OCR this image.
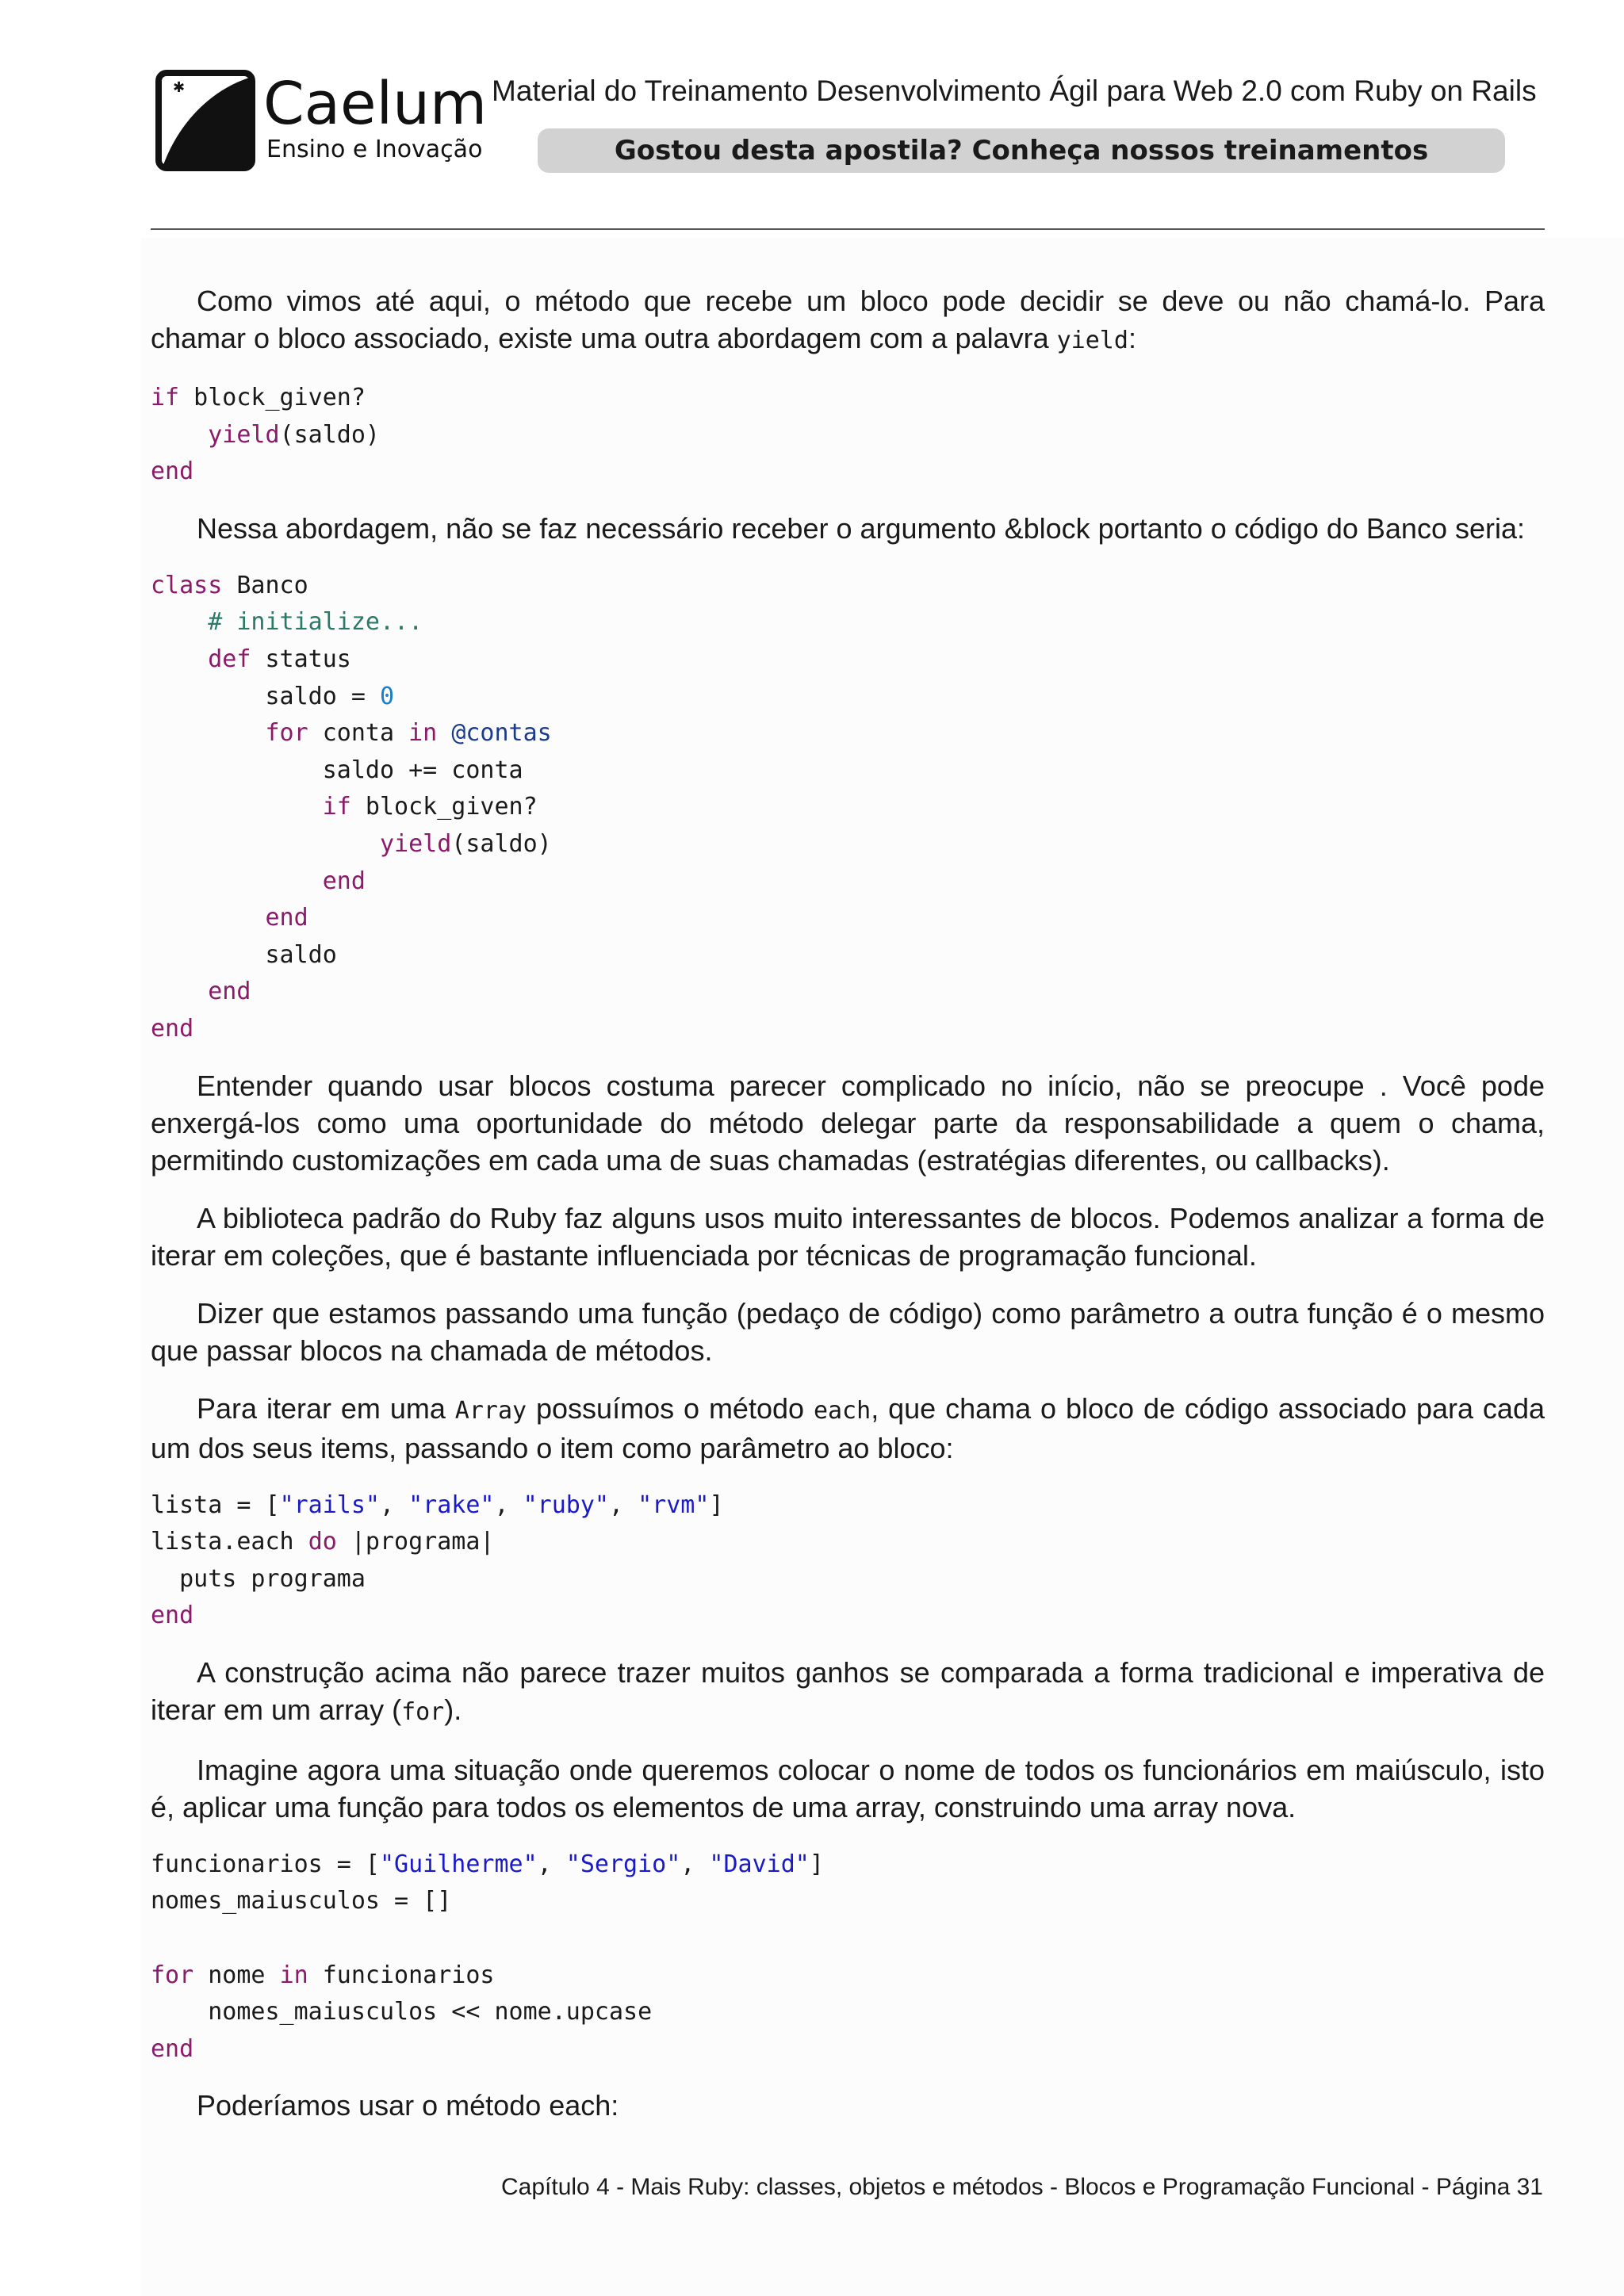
✱ Caelum
Ensino e Inovação
Material do Treinamento Desenvolvimento Ágil para Web 2.0 com Ruby on Rails
Gostou desta apostila? Conheça nossos treinamentos

Como vimos até aqui, o método que recebe um bloco pode decidir se deve ou não chamá-lo. Para chamar o bloco associado, existe uma outra abordagem com a palavra yield:

if block_given?
yield(saldo)
end

Nessa abordagem, não se faz necessário receber o argumento &block portanto o código do Banco seria:

class Banco
# initialize...
def status
saldo = 0
for conta in @contas
saldo += conta
if block_given?
yield(saldo)
end
end
saldo
end
end

Entender quando usar blocos costuma parecer complicado no início, não se preocupe . Você pode enxergá-los como uma oportunidade do método delegar parte da responsabilidade a quem o chama, permitindo customizações em cada uma de suas chamadas (estratégias diferentes, ou callbacks).

A biblioteca padrão do Ruby faz alguns usos muito interessantes de blocos. Podemos analizar a forma de iterar em coleções, que é bastante influenciada por técnicas de programação funcional.

Dizer que estamos passando uma função (pedaço de código) como parâmetro a outra função é o mesmo que passar blocos na chamada de métodos.

Para iterar em uma Array possuímos o método each, que chama o bloco de código associado para cada um dos seus items, passando o item como parâmetro ao bloco:

lista = ["rails", "rake", "ruby", "rvm"]
lista.each do |programa|
puts programa
end

A construção acima não parece trazer muitos ganhos se comparada a forma tradicional e imperativa de iterar em um array (for).

Imagine agora uma situação onde queremos colocar o nome de todos os funcionários em maiúsculo, isto é, aplicar uma função para todos os elementos de uma array, construindo uma array nova.

funcionarios = ["Guilherme", "Sergio", "David"]
nomes_maiusculos = []

for nome in funcionarios
nomes_maiusculos << nome.upcase
end

Poderíamos usar o método each:

Capítulo 4 - Mais Ruby: classes, objetos e métodos - Blocos e Programação Funcional - Página 31
